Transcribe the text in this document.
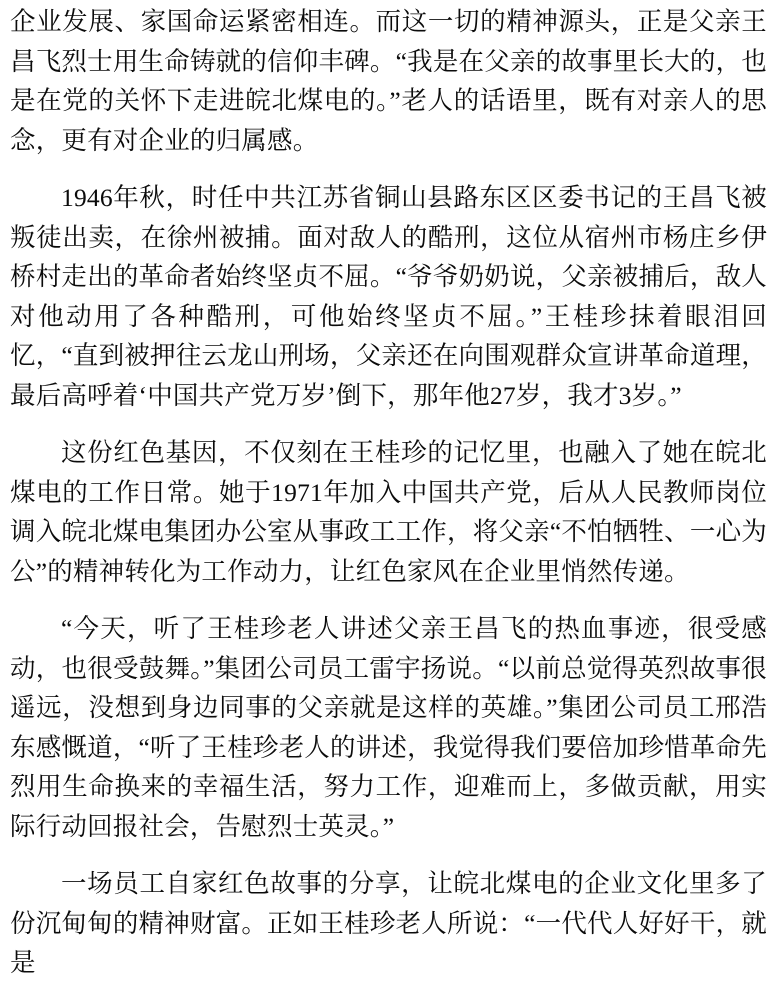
企业发展、家国命运紧密相连。而这一切的精神源头，正是父亲王昌飞烈士用生命铸就的信仰丰碑。“我是在父亲的故事里长大的，也是在党的关怀下走进皖北煤电的。”老人的话语里，既有对亲人的思念，更有对企业的归属感。

1946年秋，时任中共江苏省铜山县路东区区委书记的王昌飞被叛徒出卖，在徐州被捕。面对敌人的酷刑，这位从宿州市杨庄乡伊桥村走出的革命者始终坚贞不屈。“爷爷奶奶说，父亲被捕后，敌人对他动用了各种酷刑，可他始终坚贞不屈。”王桂珍抹着眼泪回忆，“直到被押往云龙山刑场，父亲还在向围观群众宣讲革命道理，最后高呼着‘中国共产党万岁’倒下，那年他27岁，我才3岁。”

这份红色基因，不仅刻在王桂珍的记忆里，也融入了她在皖北煤电的工作日常。她于1971年加入中国共产党，后从人民教师岗位调入皖北煤电集团办公室从事政工工作，将父亲“不怕牺牲、一心为公”的精神转化为工作动力，让红色家风在企业里悄然传递。

“今天，听了王桂珍老人讲述父亲王昌飞的热血事迹，很受感动，也很受鼓舞。”集团公司员工雷宇扬说。“以前总觉得英烈故事很遥远，没想到身边同事的父亲就是这样的英雄。”集团公司员工邢浩东感慨道，“听了王桂珍老人的讲述，我觉得我们要倍加珍惜革命先烈用生命换来的幸福生活，努力工作，迎难而上，多做贡献，用实际行动回报社会，告慰烈士英灵。”

一场员工自家红色故事的分享，让皖北煤电的企业文化里多了份沉甸甸的精神财富。正如王桂珍老人所说：“一代代人好好干，就是
